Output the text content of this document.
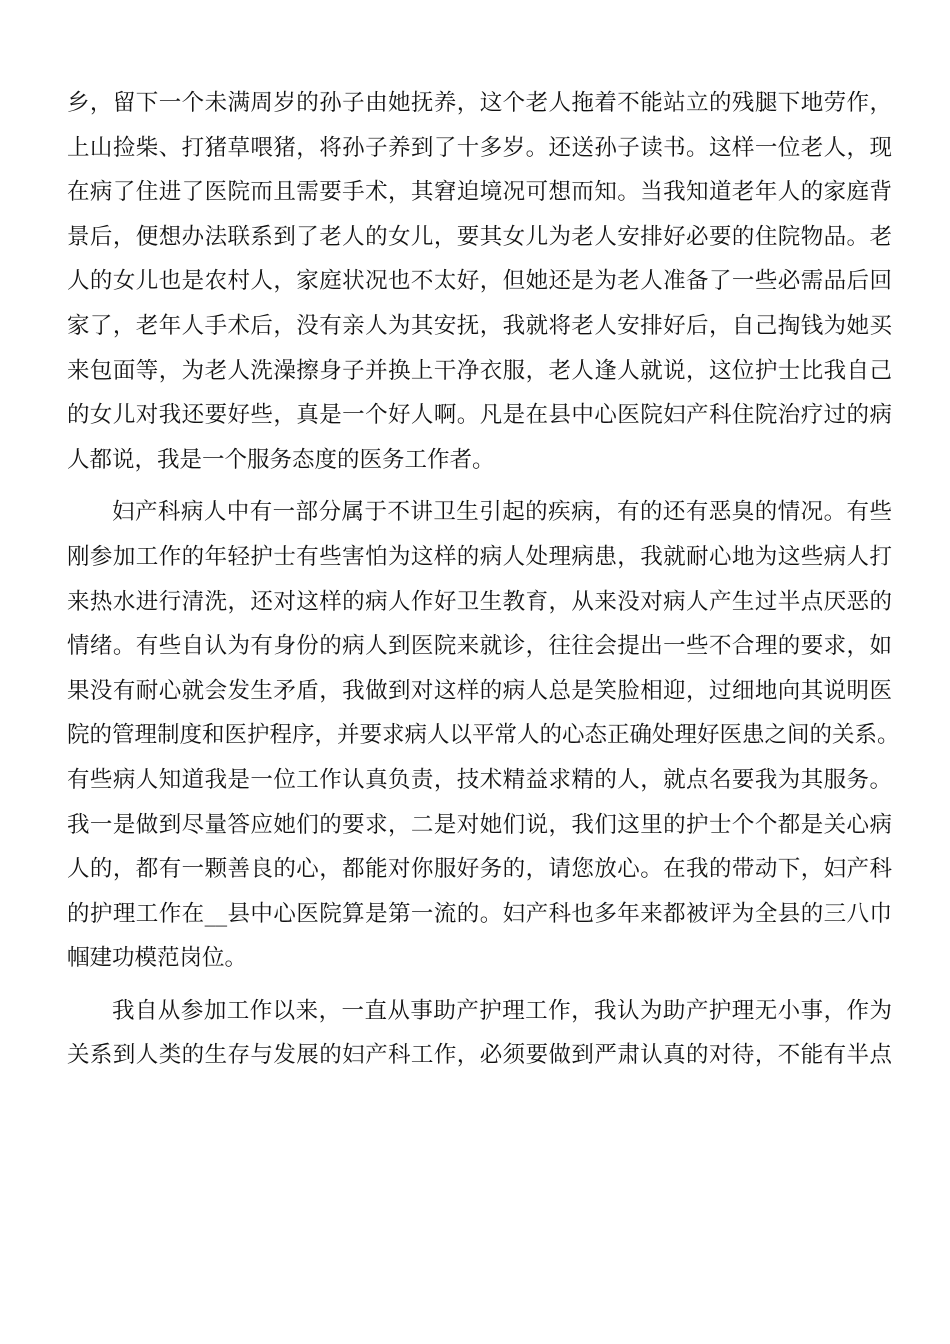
乡，留下一个未满周岁的孙子由她抚养，这个老人拖着不能站立的残腿下地劳作，
上山捡柴、打猪草喂猪，将孙子养到了十多岁。还送孙子读书。这样一位老人，现
在病了住进了医院而且需要手术，其窘迫境况可想而知。当我知道老年人的家庭背
景后，便想办法联系到了老人的女儿，要其女儿为老人安排好必要的住院物品。老
人的女儿也是农村人，家庭状况也不太好，但她还是为老人准备了一些必需品后回
家了，老年人手术后，没有亲人为其安抚，我就将老人安排好后，自己掏钱为她买
来包面等，为老人洗澡擦身子并换上干净衣服，老人逢人就说，这位护士比我自己
的女儿对我还要好些，真是一个好人啊。凡是在县中心医院妇产科住院治疗过的病
人都说，我是一个服务态度的医务工作者。
妇产科病人中有一部分属于不讲卫生引起的疾病，有的还有恶臭的情况。有些
刚参加工作的年轻护士有些害怕为这样的病人处理病患，我就耐心地为这些病人打
来热水进行清洗，还对这样的病人作好卫生教育，从来没对病人产生过半点厌恶的
情绪。有些自认为有身份的病人到医院来就诊，往往会提出一些不合理的要求，如
果没有耐心就会发生矛盾，我做到对这样的病人总是笑脸相迎，过细地向其说明医
院的管理制度和医护程序，并要求病人以平常人的心态正确处理好医患之间的关系。
有些病人知道我是一位工作认真负责，技术精益求精的人，就点名要我为其服务。
我一是做到尽量答应她们的要求，二是对她们说，我们这里的护士个个都是关心病
人的，都有一颗善良的心，都能对你服好务的，请您放心。在我的带动下，妇产科
的护理工作在__县中心医院算是第一流的。妇产科也多年来都被评为全县的三八巾
帼建功模范岗位。
我自从参加工作以来，一直从事助产护理工作，我认为助产护理无小事，作为
关系到人类的生存与发展的妇产科工作，必须要做到严肃认真的对待，不能有半点
